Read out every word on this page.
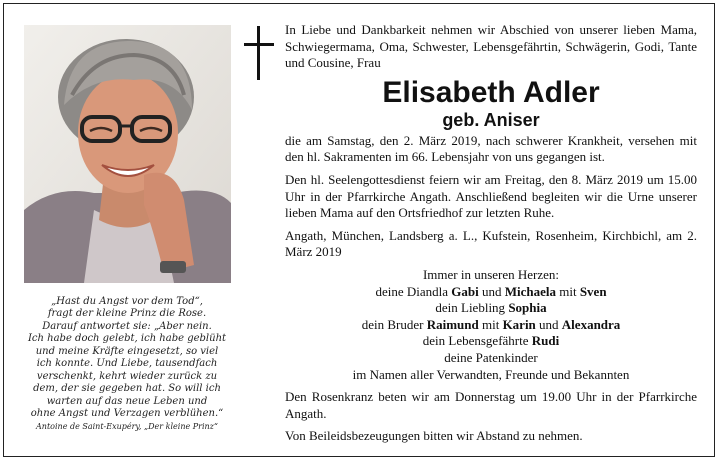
„Hast du Angst vor dem Tod“,
fragt der kleine Prinz die Rose.
Darauf antwortet sie: „Aber nein.
Ich habe doch gelebt, ich habe geblüht
und meine Kräfte eingesetzt, so viel
ich konnte. Und Liebe, tausendfach
verschenkt, kehrt wieder zurück zu
dem, der sie gegeben hat. So will ich
warten auf das neue Leben und
ohne Angst und Verzagen verblühen.“
Antoine de Saint-Exupéry, „Der kleine Prinz“

In Liebe und Dankbarkeit nehmen wir Abschied von unserer lieben Mama, Schwiegermama, Oma, Schwester, Lebensgefährtin, Schwägerin, Godi, Tante und Cousine, Frau

Elisabeth Adler
geb. Aniser

die am Samstag, den 2. März 2019, nach schwerer Krankheit, versehen mit den hl. Sakramenten im 66. Lebensjahr von uns gegangen ist.

Den hl. Seelengottesdienst feiern wir am Freitag, den 8. März 2019 um 15.00 Uhr in der Pfarrkirche Angath. Anschließend begleiten wir die Urne unserer lieben Mama auf den Ortsfriedhof zur letzten Ruhe.

Angath, München, Landsberg a. L., Kufstein, Rosenheim, Kirchbichl, am 2. März 2019

Immer in unseren Herzen:
deine Diandla Gabi und Michaela mit Sven
dein Liebling Sophia
dein Bruder Raimund mit Karin und Alexandra
dein Lebensgefährte Rudi
deine Patenkinder
im Namen aller Verwandten, Freunde und Bekannten

Den Rosenkranz beten wir am Donnerstag um 19.00 Uhr in der Pfarrkirche Angath.

Von Beileidsbezeugungen bitten wir Abstand zu nehmen.
